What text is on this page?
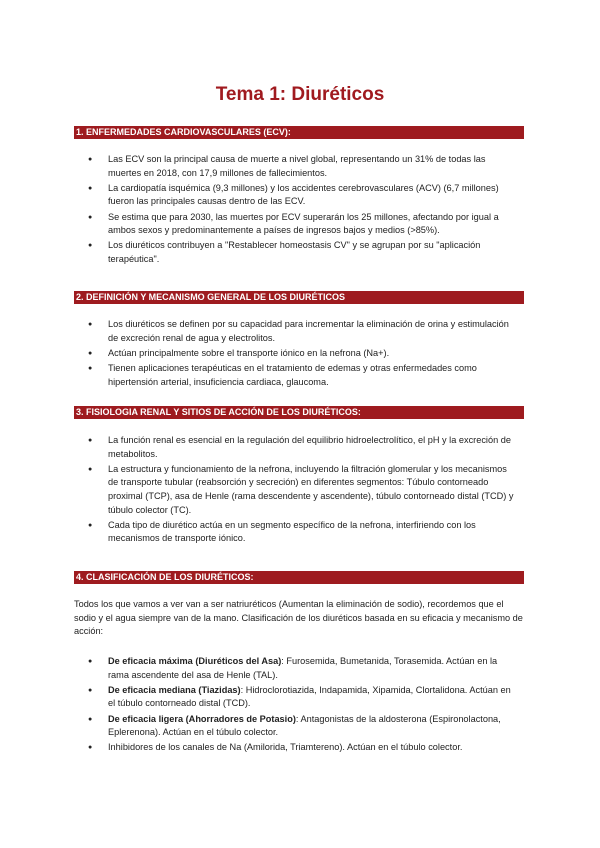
Tema 1: Diuréticos
1. ENFERMEDADES CARDIOVASCULARES (ECV):
● Las ECV son la principal causa de muerte a nivel global, representando un 31% de todas las muertes en 2018, con 17,9 millones de fallecimientos.
● La cardiopatía isquémica (9,3 millones) y los accidentes cerebrovasculares (ACV) (6,7 millones) fueron las principales causas dentro de las ECV.
● Se estima que para 2030, las muertes por ECV superarán los 25 millones, afectando por igual a ambos sexos y predominantemente a países de ingresos bajos y medios (>85%).
● Los diuréticos contribuyen a "Restablecer homeostasis CV" y se agrupan por su "aplicación terapéutica".
2. DEFINICIÓN Y MECANISMO GENERAL DE LOS DIURÉTICOS
● Los diuréticos se definen por su capacidad para incrementar la eliminación de orina y estimulación de excreción renal de agua y electrolitos.
● Actúan principalmente sobre el transporte iónico en la nefrona (Na+).
● Tienen aplicaciones terapéuticas en el tratamiento de edemas y otras enfermedades como hipertensión arterial, insuficiencia cardiaca, glaucoma.
3. FISIOLOGIA RENAL Y SITIOS DE ACCIÓN DE LOS DIURÉTICOS:
● La función renal es esencial en la regulación del equilibrio hidroelectrolítico, el pH y la excreción de metabolitos.
● La estructura y funcionamiento de la nefrona, incluyendo la filtración glomerular y los mecanismos de transporte tubular (reabsorción y secreción) en diferentes segmentos: Túbulo contorneado proximal (TCP), asa de Henle (rama descendente y ascendente), túbulo contorneado distal (TCD) y túbulo colector (TC).
● Cada tipo de diurético actúa en un segmento específico de la nefrona, interfiriendo con los mecanismos de transporte iónico.
4. CLASIFICACIÓN DE LOS DIURÉTICOS:
Todos los que vamos a ver van a ser natriuréticos (Aumentan la eliminación de sodio), recordemos que el sodio y el agua siempre van de la mano. Clasificación de los diuréticos basada en su eficacia y mecanismo de acción:
● De eficacia máxima (Diuréticos del Asa): Furosemida, Bumetanida, Torasemida. Actúan en la rama ascendente del asa de Henle (TAL).
● De eficacia mediana (Tiazidas): Hidroclorotiazida, Indapamida, Xipamida, Clortalidona. Actúan en el túbulo contorneado distal (TCD).
● De eficacia ligera (Ahorradores de Potasio): Antagonistas de la aldosterona (Espironolactona, Eplerenona). Actúan en el túbulo colector.
● Inhibidores de los canales de Na (Amilorida, Triamtereno). Actúan en el túbulo colector.
